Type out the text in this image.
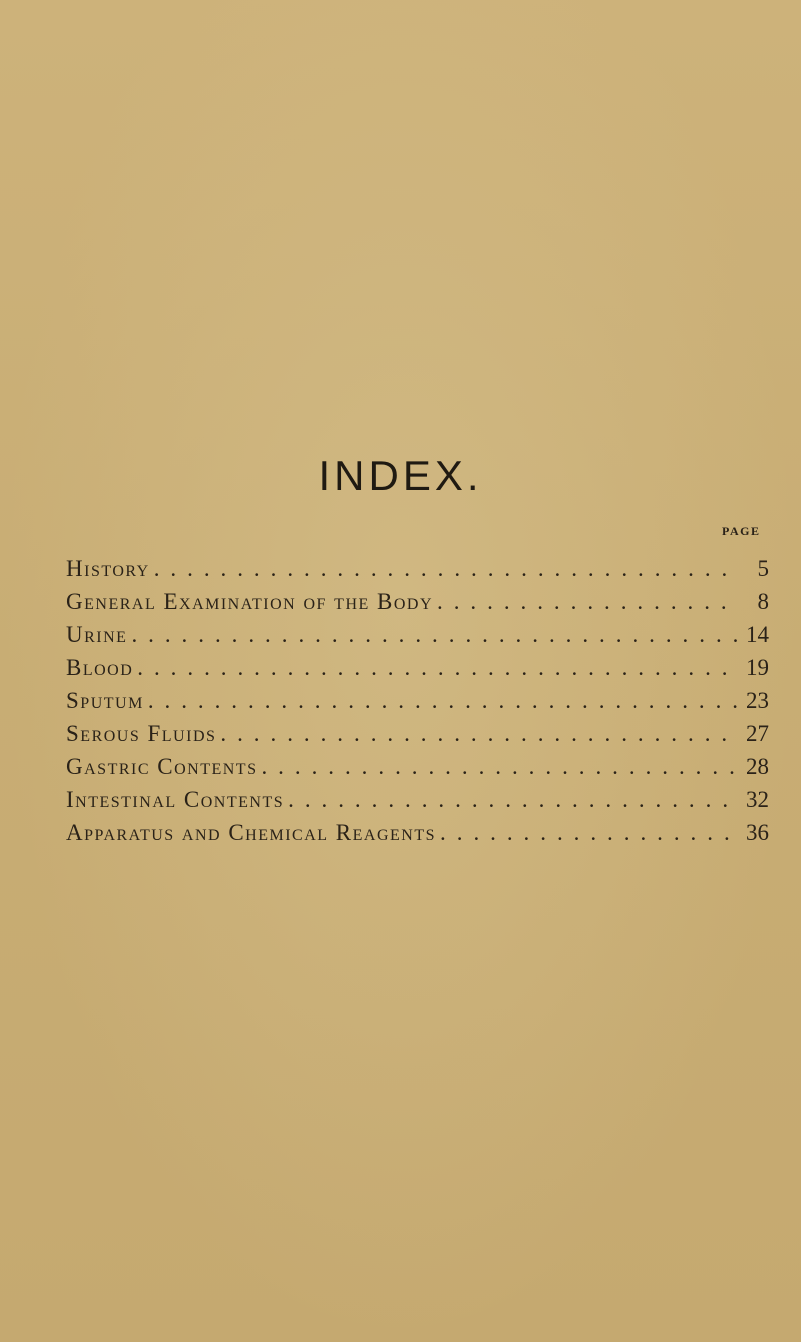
INDEX.
PAGE
History . . .	5
General Examination of the Body . . .	8
Urine . . .	14
Blood . . .	19
Sputum . . .	23
Serous Fluids . . .	27
Gastric Contents . . .	28
Intestinal Contents . . .	32
Apparatus and Chemical Reagents . . .	36
